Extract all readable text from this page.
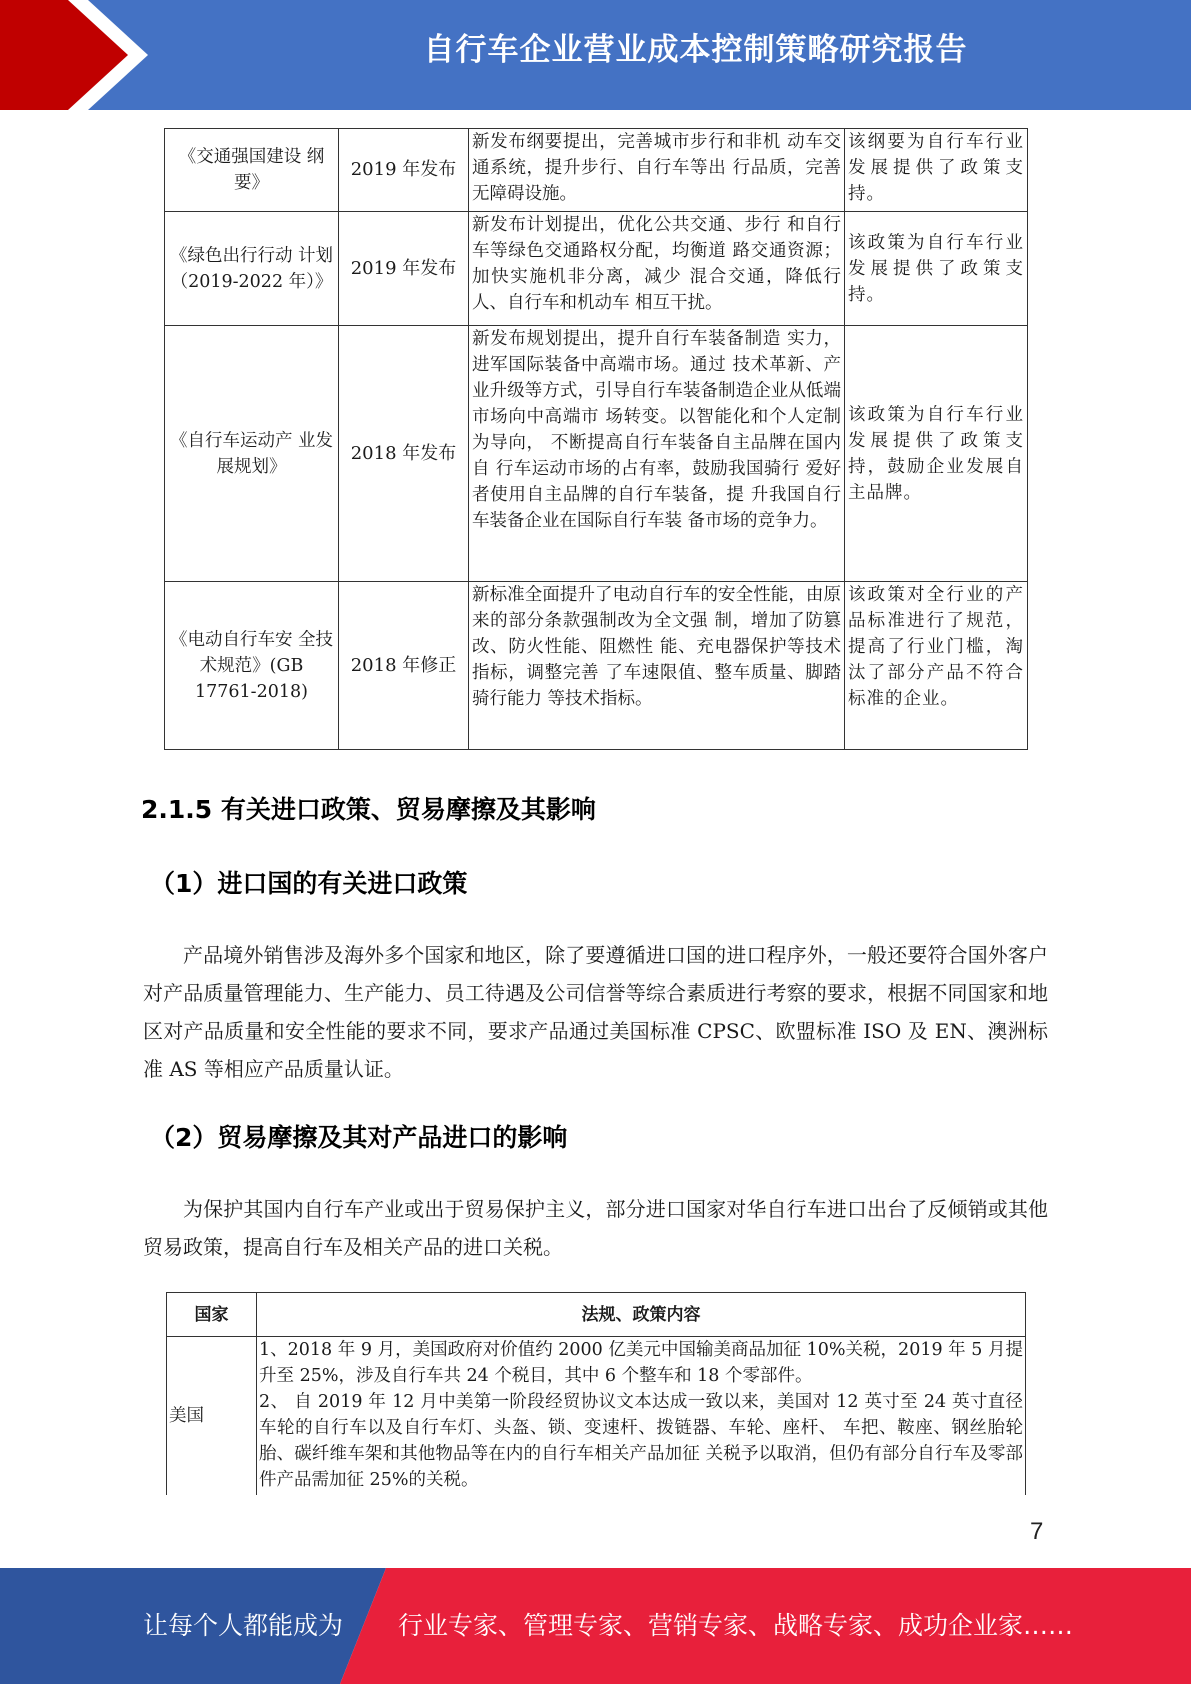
自行车企业营业成本控制策略研究报告
《交通强国建设 纲要》	2019 年发布	新发布纲要提出，完善城市步行和非机 动车交通系统，提升步行、自行车等出 行品质，完善无障碍设施。	该纲要为自行车行业发展提供了政策支持。
《绿色出行行动 计划（2019-2022 年）》	2019 年发布	新发布计划提出，优化公共交通、步行 和自行车等绿色交通路权分配，均衡道 路交通资源；加快实施机非分离，减少 混合交通，降低行人、自行车和机动车 相互干扰。	该政策为自行车行业发展提供了政策支持。
《自行车运动产 业发展规划》	2018 年发布	新发布规划提出，提升自行车装备制造 实力，进军国际装备中高端市场。通过 技术革新、产业升级等方式，引导自行车装备制造企业从低端市场向中高端市 场转变。以智能化和个人定制为导向， 不断提高自行车装备自主品牌在国内自 行车运动市场的占有率，鼓励我国骑行 爱好者使用自主品牌的自行车装备，提 升我国自行车装备企业在国际自行车装 备市场的竞争力。	该政策为自行车行业发展提供了政策支持，鼓励企业发展自主品牌。
《电动自行车安 全技术规范》(GB 17761-2018)	2018 年修正	新标准全面提升了电动自行车的安全性能，由原来的部分条款强制改为全文强 制，增加了防篡改、防火性能、阻燃性 能、充电器保护等技术指标，调整完善 了车速限值、整车质量、脚踏骑行能力 等技术指标。	该政策对全行业的产品标准进行了规范，提高了行业门槛，淘汰了部分产品不符合标准的企业。
2.1.5 有关进口政策、贸易摩擦及其影响
（1）进口国的有关进口政策

产品境外销售涉及海外多个国家和地区，除了要遵循进口国的进口程序外，一般还要符合国外客户对产品质量管理能力、生产能力、员工待遇及公司信誉等综合素质进行考察的要求，根据不同国家和地区对产品质量和安全性能的要求不同，要求产品通过美国标准 CPSC、欧盟标准 ISO 及 EN、澳洲标准 AS 等相应产品质量认证。

（2）贸易摩擦及其对产品进口的影响

为保护其国内自行车产业或出于贸易保护主义，部分进口国家对华自行车进口出台了反倾销或其他贸易政策，提高自行车及相关产品的进口关税。

国家	法规、政策内容
美国	1、2018 年 9 月，美国政府对价值约 2000 亿美元中国输美商品加征 10%关税，2019 年 5 月提升至 25%，涉及自行车共 24 个税目，其中 6 个整车和 18 个零部件。
2、 自 2019 年 12 月中美第一阶段经贸协议文本达成一致以来，美国对 12 英寸至 24 英寸直径车轮的自行车以及自行车灯、头盔、锁、变速杆、拨链器、车轮、座杆、 车把、鞍座、钢丝胎轮胎、碳纤维车架和其他物品等在内的自行车相关产品加征 关税予以取消，但仍有部分自行车及零部件产品需加征 25%的关税。
7
让每个人都能成为 行业专家、管理专家、营销专家、战略专家、成功企业家……
